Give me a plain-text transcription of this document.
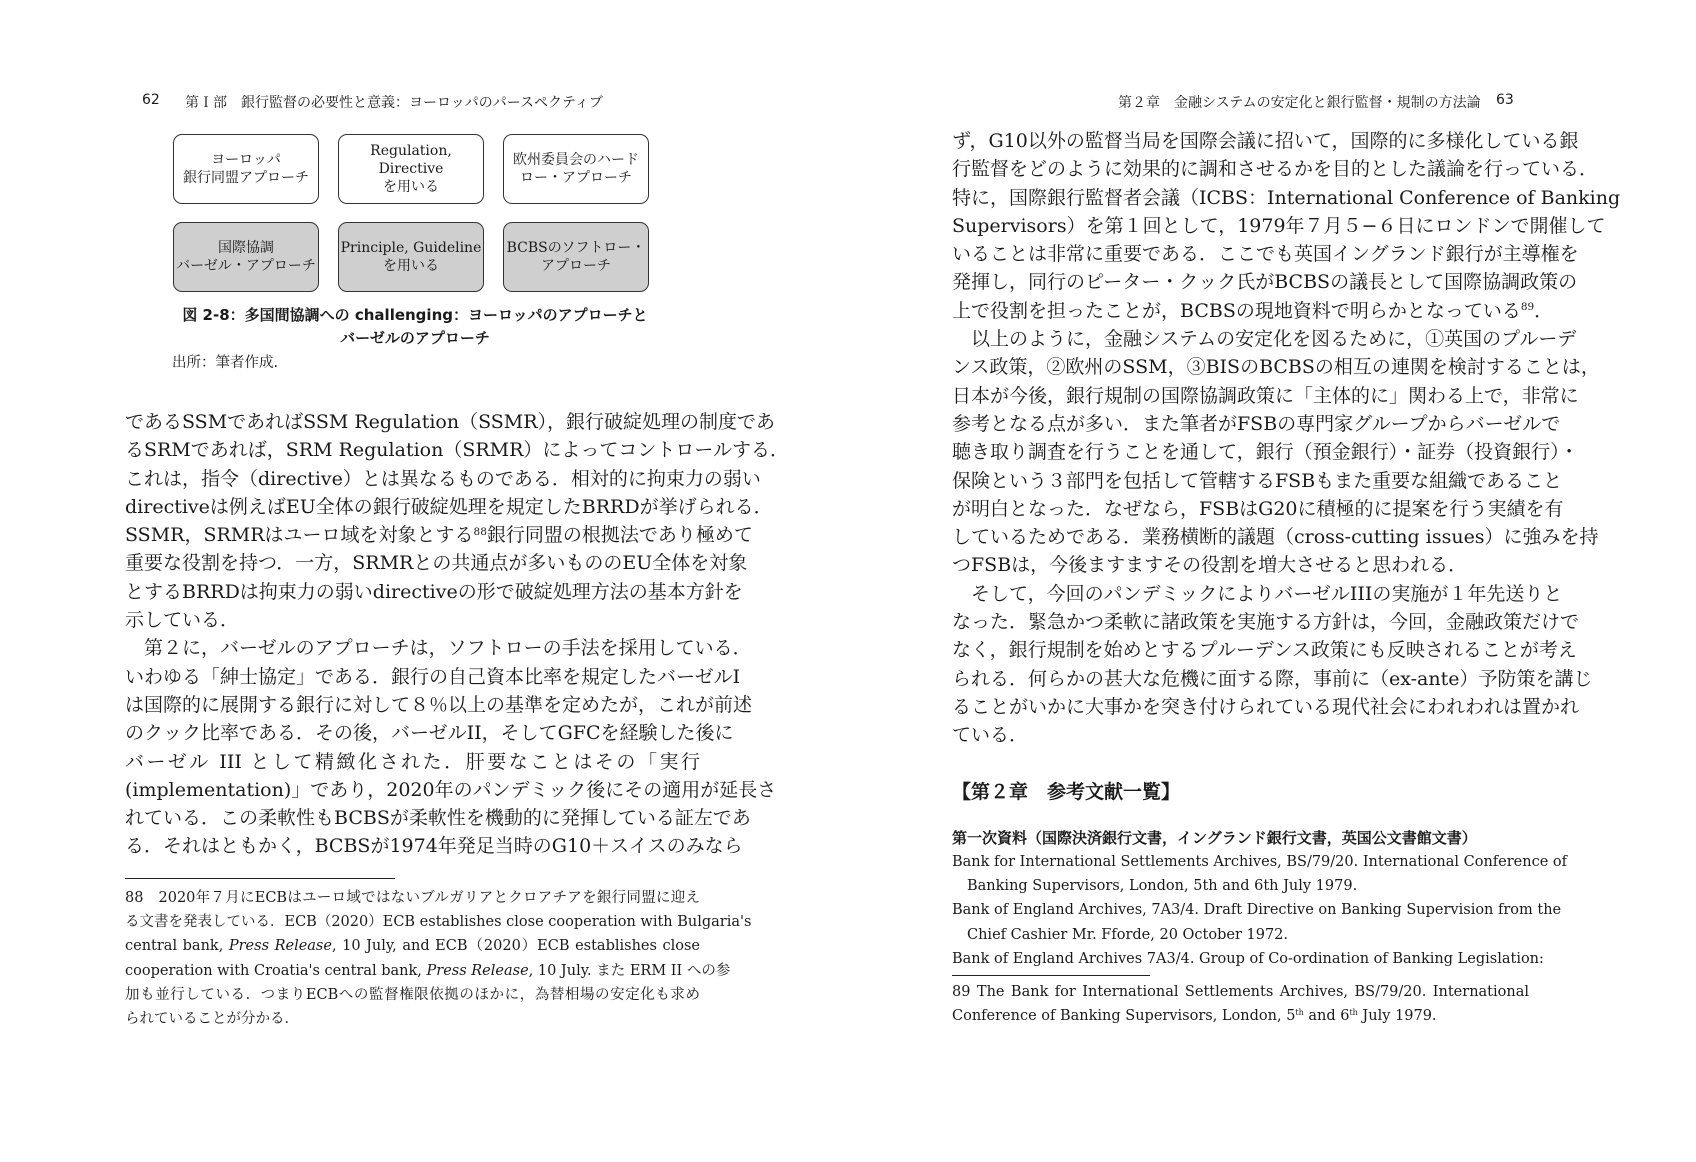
62 第Ｉ部　銀行監督の必要性と意義：ヨーロッパのパースペクティブ
ヨーロッパ
銀行同盟アプローチ
Regulation, Directive
を用いる
欧州委員会のハード
ロー・アプローチ
国際協調
バーゼル・アプローチ
Principle, Guideline
を用いる
BCBSのソフトロー・
アプローチ
図 2-8：多国間協調への challenging：ヨーロッパのアプローチと
バーゼルのアプローチ
出所：筆者作成.
であるSSMであればSSM Regulation（SSMR），銀行破綻処理の制度であ
るSRMであれば，SRM Regulation（SRMR）によってコントロールする．
これは，指令（directive）とは異なるものである．相対的に拘束力の弱い
directiveは例えばEU全体の銀行破綻処理を規定したBRRDが挙げられる．
SSMR，SRMRはユーロ域を対象とする$^{88}$銀行同盟の根拠法であり極めて
重要な役割を持つ．一方，SRMRとの共通点が多いもののEU全体を対象
とするBRRDは拘束力の弱いdirectiveの形で破綻処理方法の基本方針を
示している．
第２に，バーゼルのアプローチは，ソフトローの手法を採用している．
いわゆる「紳士協定」である．銀行の自己資本比率を規定したバーゼルI
は国際的に展開する銀行に対して８％以上の基準を定めたが，これが前述
のクック比率である．その後，バーゼルII，そしてGFCを経験した後に
バーゼル III として精緻化された．肝要なことはその「実行
(implementation)」であり，2020年のパンデミック後にその適用が延長さ
れている．この柔軟性もBCBSが柔軟性を機動的に発揮している証左であ
る．それはともかく，BCBSが1974年発足当時のG10＋スイスのみなら
88　2020年７月にECBはユーロ域ではないブルガリアとクロアチアを銀行同盟に迎え
る文書を発表している．ECB（2020）ECB establishes close cooperation with Bulgaria's
central bank, Press Release, 10 July, and ECB（2020）ECB establishes close
cooperation with Croatia's central bank, Press Release, 10 July. また ERM II への参
加も並行している．つまりECBへの監督権限依拠のほかに，為替相場の安定化も求め
られていることが分かる．
第２章　金融システムの安定化と銀行監督・規制の方法論 63
ず，G10以外の監督当局を国際会議に招いて，国際的に多様化している銀
行監督をどのように効果的に調和させるかを目的とした議論を行っている．
特に，国際銀行監督者会議（ICBS：International Conference of Banking
Supervisors）を第１回として，1979年７月５−６日にロンドンで開催して
いることは非常に重要である．ここでも英国イングランド銀行が主導権を
発揮し，同行のピーター・クック氏がBCBSの議長として国際協調政策の
上で役割を担ったことが，BCBSの現地資料で明らかとなっている$^{89}$．
以上のように，金融システムの安定化を図るために，①英国のプルーデ
ンス政策，②欧州のSSM，③BISのBCBSの相互の連関を検討することは，
日本が今後，銀行規制の国際協調政策に「主体的に」関わる上で，非常に
参考となる点が多い．また筆者がFSBの専門家グループからバーゼルで
聴き取り調査を行うことを通して，銀行（預金銀行）・証券（投資銀行）・
保険という３部門を包括して管轄するFSBもまた重要な組織であること
が明白となった．なぜなら，FSBはG20に積極的に提案を行う実績を有
しているためである．業務横断的議題（cross-cutting issues）に強みを持
つFSBは，今後ますますその役割を増大させると思われる．
そして，今回のパンデミックによりバーゼルIIIの実施が１年先送りと
なった．緊急かつ柔軟に諸政策を実施する方針は，今回，金融政策だけで
なく，銀行規制を始めとするプルーデンス政策にも反映されることが考え
られる．何らかの甚大な危機に面する際，事前に（ex-ante）予防策を講じ
ることがいかに大事かを突き付けられている現代社会にわれわれは置かれ
ている．
【第２章　参考文献一覧】
第一次資料（国際決済銀行文書，イングランド銀行文書，英国公文書館文書）
Bank for International Settlements Archives, BS/79/20. International Conference of
Banking Supervisors, London, 5th and 6th July 1979.
Bank of England Archives, 7A3/4. Draft Directive on Banking Supervision from the
Chief Cashier Mr. Fforde, 20 October 1972.
Bank of England Archives 7A3/4. Group of Co-ordination of Banking Legislation:
89 The Bank for International Settlements Archives, BS/79/20. International
Conference of Banking Supervisors, London, 5th and 6th July 1979.
